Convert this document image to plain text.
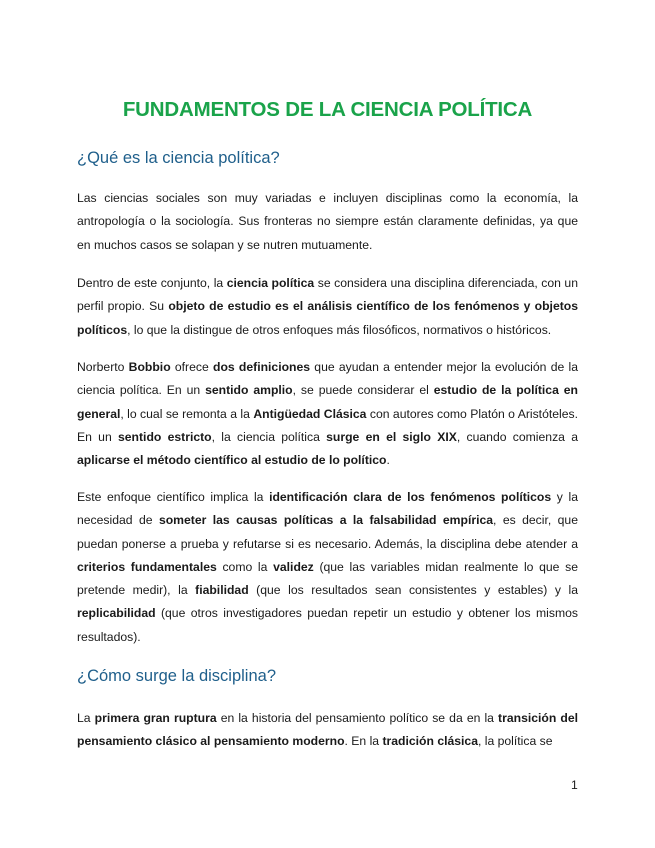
FUNDAMENTOS DE LA CIENCIA POLÍTICA
¿Qué es la ciencia política?
Las ciencias sociales son muy variadas e incluyen disciplinas como la economía, la antropología o la sociología. Sus fronteras no siempre están claramente definidas, ya que en muchos casos se solapan y se nutren mutuamente.
Dentro de este conjunto, la ciencia política se considera una disciplina diferenciada, con un perfil propio. Su objeto de estudio es el análisis científico de los fenómenos y objetos políticos, lo que la distingue de otros enfoques más filosóficos, normativos o históricos.
Norberto Bobbio ofrece dos definiciones que ayudan a entender mejor la evolución de la ciencia política. En un sentido amplio, se puede considerar el estudio de la política en general, lo cual se remonta a la Antigüedad Clásica con autores como Platón o Aristóteles. En un sentido estricto, la ciencia política surge en el siglo XIX, cuando comienza a aplicarse el método científico al estudio de lo político.
Este enfoque científico implica la identificación clara de los fenómenos políticos y la necesidad de someter las causas políticas a la falsabilidad empírica, es decir, que puedan ponerse a prueba y refutarse si es necesario. Además, la disciplina debe atender a criterios fundamentales como la validez (que las variables midan realmente lo que se pretende medir), la fiabilidad (que los resultados sean consistentes y estables) y la replicabilidad (que otros investigadores puedan repetir un estudio y obtener los mismos resultados).
¿Cómo surge la disciplina?
La primera gran ruptura en la historia del pensamiento político se da en la transición del pensamiento clásico al pensamiento moderno. En la tradición clásica, la política se
1
